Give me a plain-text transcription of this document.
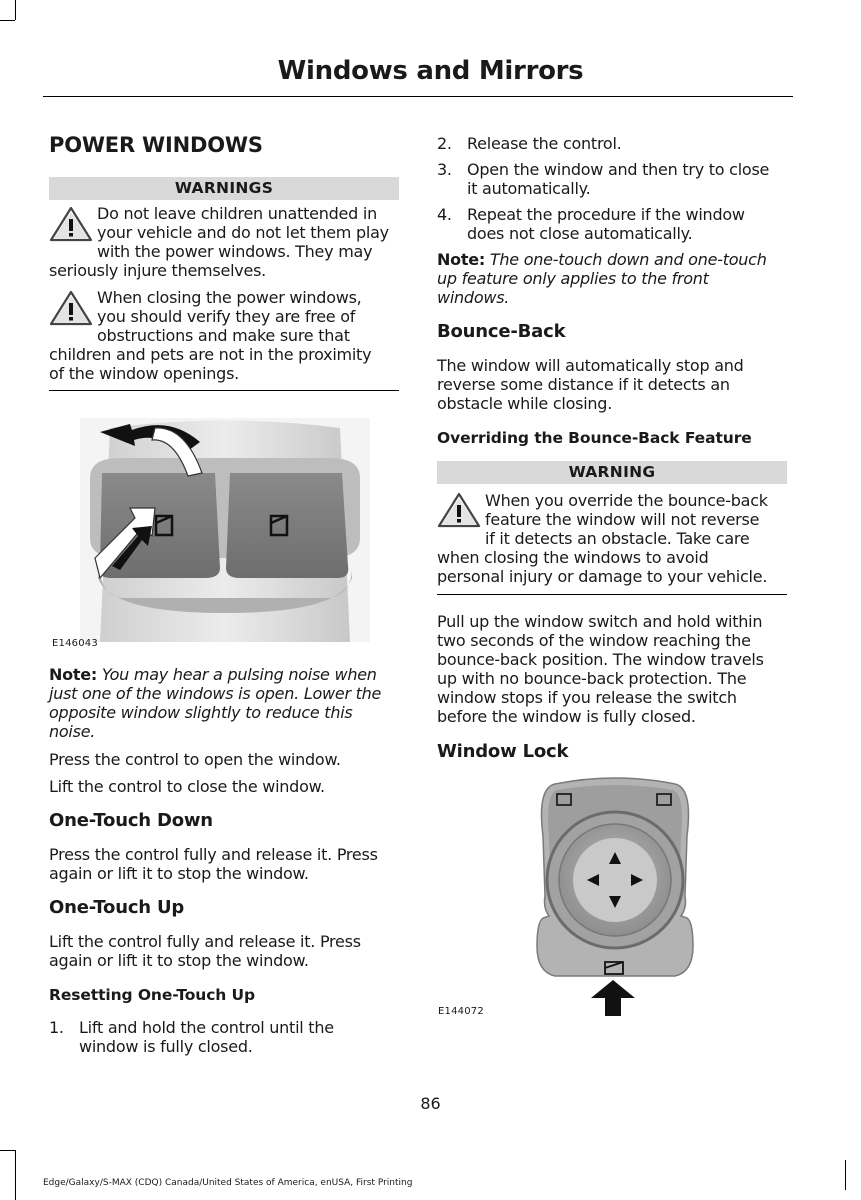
Windows and Mirrors
POWER WINDOWS
WARNINGS
Do not leave children unattended in
your vehicle and do not let them play
with the power windows. They may
seriously injure themselves.
When closing the power windows,
you should verify they are free of
obstructions and make sure that
children and pets are not in the proximity
of the window openings.
E146043
Note: You may hear a pulsing noise when
just one of the windows is open. Lower the
opposite window slightly to reduce this
noise.
Press the control to open the window.
Lift the control to close the window.
One-Touch Down
Press the control fully and release it. Press
again or lift it to stop the window.
One-Touch Up
Lift the control fully and release it. Press
again or lift it to stop the window.
Resetting One-Touch Up
1. Lift and hold the control until the
window is fully closed.
2. Release the control.
3. Open the window and then try to close
it automatically.
4. Repeat the procedure if the window
does not close automatically.
Note: The one-touch down and one-touch
up feature only applies to the front
windows.
Bounce-Back
The window will automatically stop and
reverse some distance if it detects an
obstacle while closing.
Overriding the Bounce-Back Feature
WARNING
When you override the bounce-back
feature the window will not reverse
if it detects an obstacle. Take care
when closing the windows to avoid
personal injury or damage to your vehicle.
Pull up the window switch and hold within
two seconds of the window reaching the
bounce-back position. The window travels
up with no bounce-back protection. The
window stops if you release the switch
before the window is fully closed.
Window Lock
E144072
86
Edge/Galaxy/S-MAX (CDQ) Canada/United States of America, enUSA, First Printing
